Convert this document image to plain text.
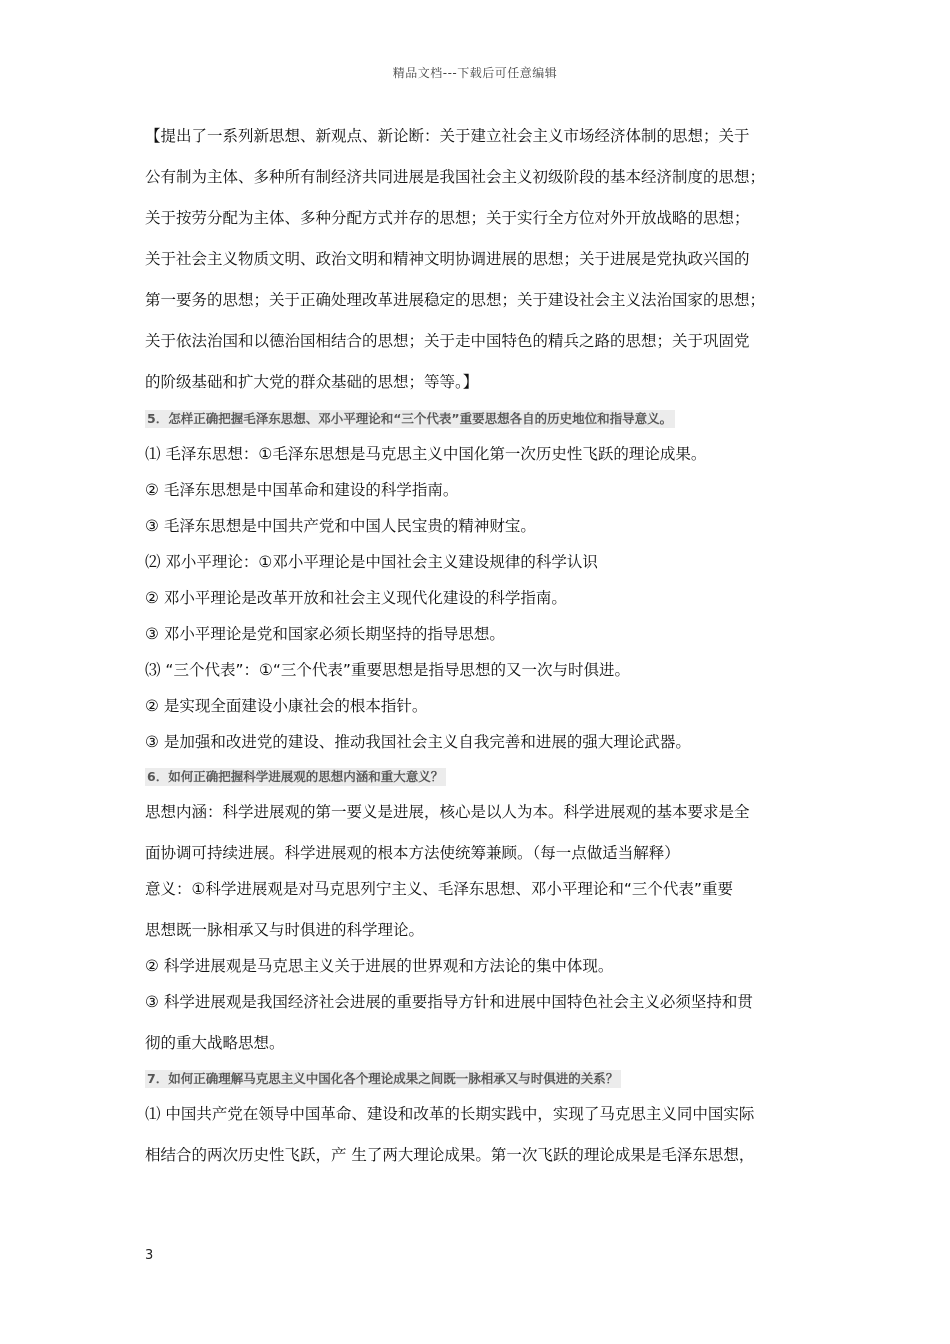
精品文档---下载后可任意编辑
【提出了一系列新思想、新观点、新论断：关于建立社会主义市场经济体制的思想；关于
公有制为主体、多种所有制经济共同进展是我国社会主义初级阶段的基本经济制度的思想；
关于按劳分配为主体、多种分配方式并存的思想；关于实行全方位对外开放战略的思想；
关于社会主义物质文明、政治文明和精神文明协调进展的思想；关于进展是党执政兴国的
第一要务的思想；关于正确处理改革进展稳定的思想；关于建设社会主义法治国家的思想；
关于依法治国和以德治国相结合的思想；关于走中国特色的精兵之路的思想；关于巩固党
的阶级基础和扩大党的群众基础的思想；等等。】
5．怎样正确把握毛泽东思想、邓小平理论和“三个代表”重要思想各自的历史地位和指导意义。
⑴ 毛泽东思想：①毛泽东思想是马克思主义中国化第一次历史性飞跃的理论成果。
② 毛泽东思想是中国革命和建设的科学指南。
③ 毛泽东思想是中国共产党和中国人民宝贵的精神财宝。
⑵ 邓小平理论：①邓小平理论是中国社会主义建设规律的科学认识
② 邓小平理论是改革开放和社会主义现代化建设的科学指南。
③ 邓小平理论是党和国家必须长期坚持的指导思想。
⑶ “三个代表”：①“三个代表”重要思想是指导思想的又一次与时俱进。
② 是实现全面建设小康社会的根本指针。
③ 是加强和改进党的建设、推动我国社会主义自我完善和进展的强大理论武器。
6．如何正确把握科学进展观的思想内涵和重大意义？
思想内涵：科学进展观的第一要义是进展，核心是以人为本。科学进展观的基本要求是全
面协调可持续进展。科学进展观的根本方法使统筹兼顾。（每一点做适当解释）
意义：①科学进展观是对马克思列宁主义、毛泽东思想、邓小平理论和“三个代表”重要
思想既一脉相承又与时俱进的科学理论。
② 科学进展观是马克思主义关于进展的世界观和方法论的集中体现。
③ 科学进展观是我国经济社会进展的重要指导方针和进展中国特色社会主义必须坚持和贯
彻的重大战略思想。
7．如何正确理解马克思主义中国化各个理论成果之间既一脉相承又与时俱进的关系？
⑴ 中国共产党在领导中国革命、建设和改革的长期实践中，实现了马克思主义同中国实际
相结合的两次历史性飞跃，产 生了两大理论成果。第一次飞跃的理论成果是毛泽东思想，
3
